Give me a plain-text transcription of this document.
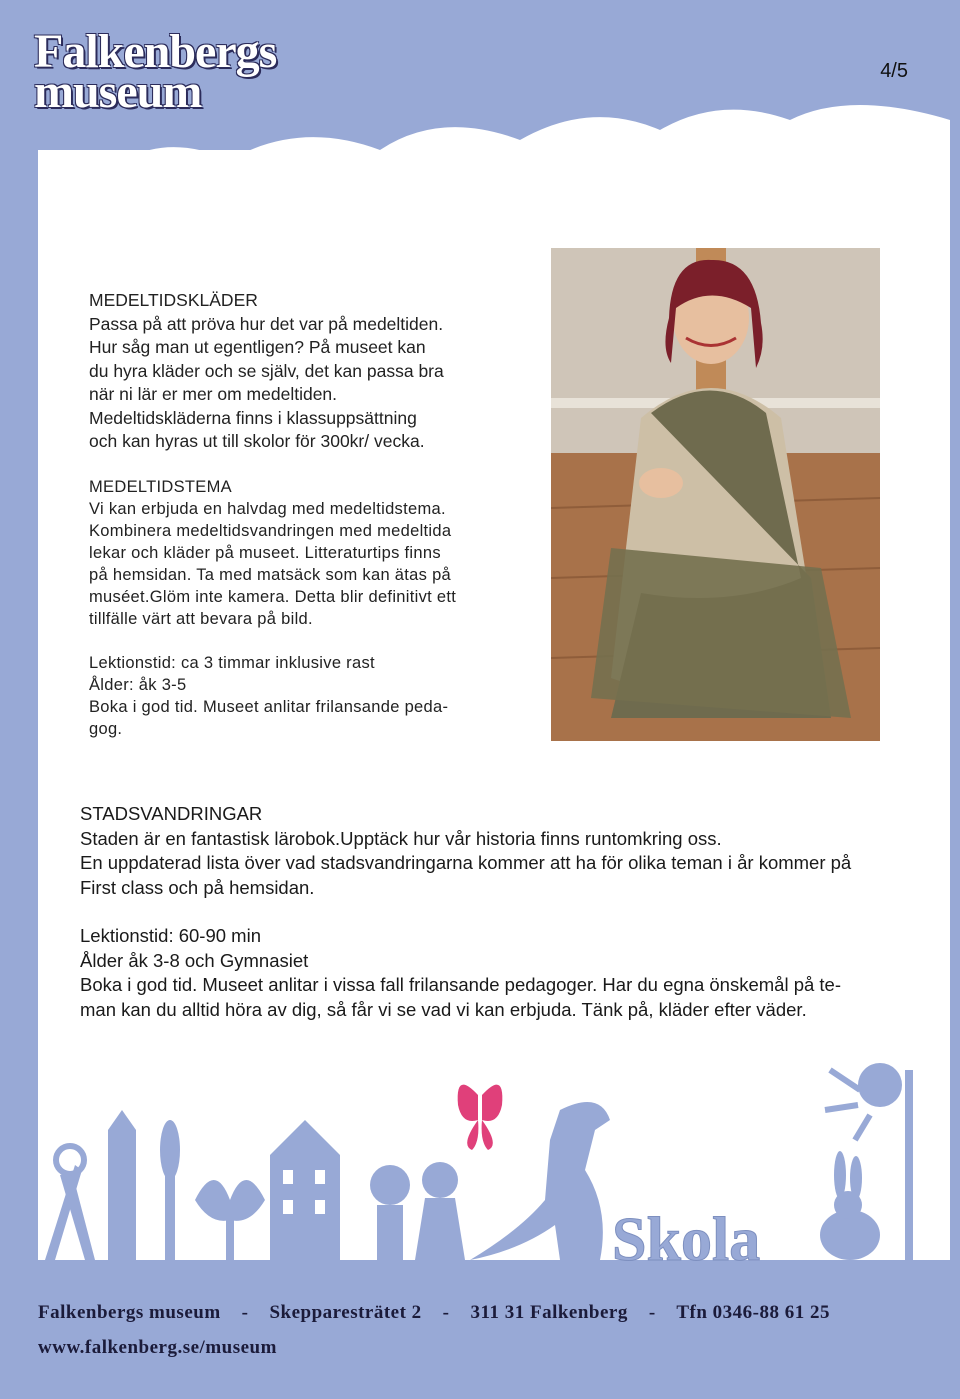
Falkenbergs
museum	4/5

MEDELTIDSKLÄDER

Passa på att pröva hur det var på medeltiden.

Hur såg man ut egentligen? På museet kan

du hyra kläder och se själv, det kan passa bra

när ni lär er mer om medeltiden.

Medeltidskläderna finns i klassuppsättning

och kan hyras ut till skolor för 300kr/ vecka.

MEDELTIDSTEMA

Vi kan erbjuda en halvdag med medeltidstema.

Kombinera medeltidsvandringen med medeltida

lekar och kläder på museet. Litteraturtips finns

på hemsidan. Ta med matsäck som kan ätas på

muséet.Glöm inte kamera. Detta blir definitivt ett

tillfälle värt att bevara på bild.

Lektionstid: ca 3 timmar inklusive rast

Ålder: åk 3-5

Boka i god tid. Museet anlitar frilansande peda-

gog.

STADSVANDRINGAR

Staden är en fantastisk lärobok.Upptäck hur vår historia finns runtomkring oss.

En uppdaterad lista över vad stadsvandringarna kommer att ha för olika teman i år kommer på

First class och på hemsidan.

Lektionstid: 60-90 min

Ålder åk 3-8 och Gymnasiet

Boka i god tid. Museet anlitar i vissa fall frilansande pedagoger. Har du egna önskemål på te-

man kan du alltid höra av dig, så får vi se vad vi kan erbjuda. Tänk på, kläder efter väder.

Skola
Falkenbergs museum    -    Skepparesträtet 2    -    311 31 Falkenberg    -    Tfn 0346-88 61 25
www.falkenberg.se/museum
